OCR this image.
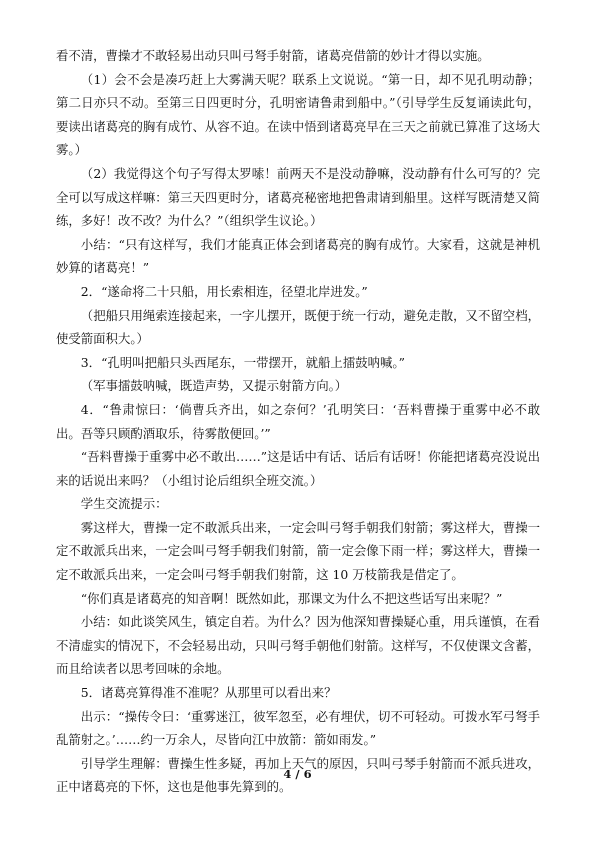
看不清，曹操才不敢轻易出动只叫弓弩手射箭，诸葛亮借箭的妙计才得以实施。

（1）会不会是凑巧赶上大雾满天呢？联系上文说说。“第一日，却不见孔明动静；第二日亦只不动。至第三日四更时分，孔明密请鲁肃到船中。”（引导学生反复诵读此句，要读出诸葛亮的胸有成竹、从容不迫。在读中悟到诸葛亮早在三天之前就已算准了这场大雾。）

（2）我觉得这个句子写得太罗嗦！前两天不是没动静嘛，没动静有什么可写的？完全可以写成这样嘛：第三天四更时分，诸葛亮秘密地把鲁肃请到船里。这样写既清楚又简练，多好！改不改？为什么？”（组织学生议论。）

小结：“只有这样写，我们才能真正体会到诸葛亮的胸有成竹。大家看，这就是神机妙算的诸葛亮！”

2．“遂命将二十只船，用长索相连，径望北岸进发。”

（把船只用绳索连接起来，一字儿摆开，既便于统一行动，避免走散，又不留空档，使受箭面积大。）

3．“孔明叫把船只头西尾东，一带摆开，就船上擂鼓呐喊。”

（军事擂鼓呐喊，既造声势，又提示射箭方向。）

4．“鲁肃惊曰：‘倘曹兵齐出，如之奈何？’孔明笑曰：‘吾料曹操于重雾中必不敢出。吾等只顾酌酒取乐，待雾散便回。’”

“吾料曹操于重雾中必不敢出……”这是话中有话、话后有话呀！你能把诸葛亮没说出来的话说出来吗？（小组讨论后组织全班交流。）

学生交流提示：

雾这样大，曹操一定不敢派兵出来，一定会叫弓弩手朝我们射箭；雾这样大，曹操一定不敢派兵出来，一定会叫弓弩手朝我们射箭，箭一定会像下雨一样；雾这样大，曹操一定不敢派兵出来，一定会叫弓弩手朝我们射箭，这 10 万枝箭我是借定了。

“你们真是诸葛亮的知音啊！既然如此，那课文为什么不把这些话写出来呢？”

小结：如此谈笑风生，镇定自若。为什么？因为他深知曹操疑心重，用兵谨慎，在看不清虚实的情况下，不会轻易出动，只叫弓弩手朝他们射箭。这样写，不仅使课文含蓄，而且给读者以思考回味的余地。

5．诸葛亮算得准不准呢？从那里可以看出来？

出示：“操传令曰：‘重雾迷江，彼军忽至，必有埋伏，切不可轻动。可拨水军弓弩手乱箭射之。’……约一万余人，尽皆向江中放箭：箭如雨发。”

引导学生理解：曹操生性多疑，再加上天气的原因，只叫弓琴手射箭而不派兵进攻，正中诸葛亮的下怀，这也是他事先算到的。

4 / 6
